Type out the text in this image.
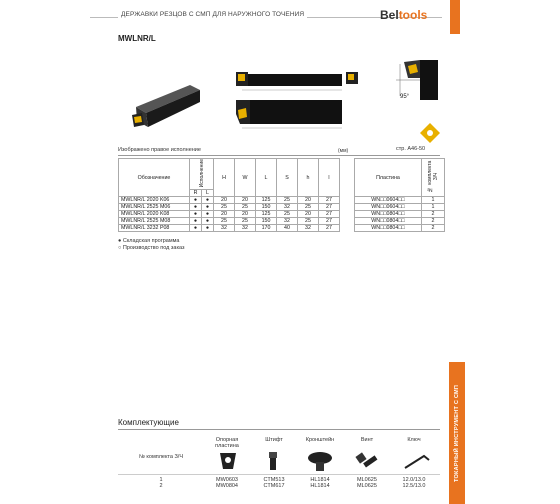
ДЕРЖАВКИ РЕЗЦОВ С СМП ДЛЯ НАРУЖНОГО ТОЧЕНИЯ	Beltools
MWLNR/L
95°
Изображено правое исполнение	(мм)	стр. A46-50
Обозначение	Исполнение		H	W	L	S	h	l		Пластина	№ комплекта З/Ч
	R	L									
MWLNR/L 2020 K06	●	●	20	20	125	25	20	27		WN□□0604□□	1
MWLNR/L 2525 M06	●	●	25	25	150	32	25	27		WN□□0604□□	1
MWLNR/L 2020 K08	●	●	20	20	125	25	20	27		WN□□0804□□	2
MWLNR/L 2525 M08	●	●	25	25	150	32	25	27		WN□□0804□□	2
MWLNR/L 3232 P08	●	●	32	32	170	40	32	27		WN□□0804□□	2
● Складская программа
○ Производство под заказ
ТОКАРНЫЙ ИНСТРУМЕНТ С СМП
Комплектующие
№ комплекта З/Ч
Опорная пластина
Штифт	Кронштейн	Винт	Ключ
1	MW0603	CTM513	HL1814	ML0625	12.0/13.0
2	MW0804	CTM617	HL1814	ML0625	12.5/13.0
